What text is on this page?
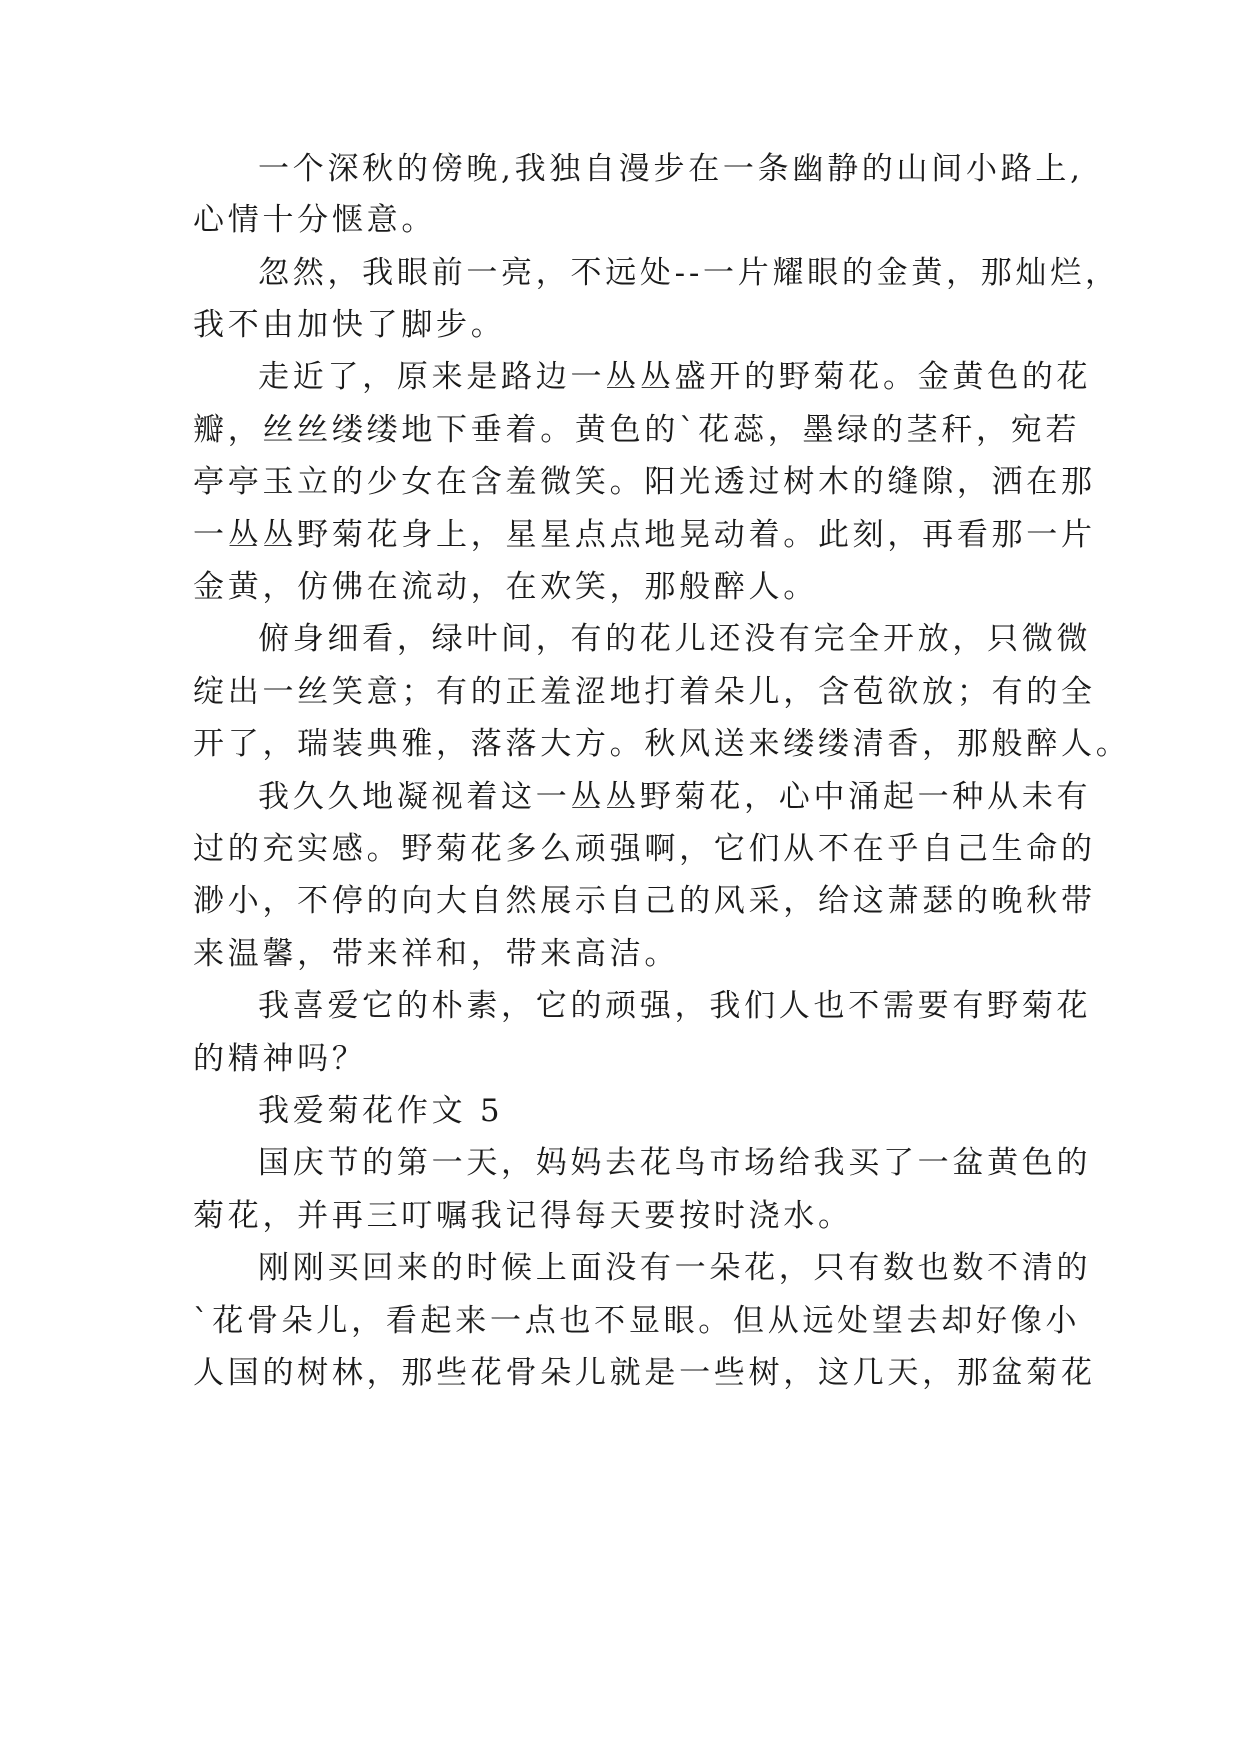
一个深秋的傍晚,我独自漫步在一条幽静的山间小路上,
心情十分惬意。
忽然，我眼前一亮，不远处--一片耀眼的金黄，那灿烂，
我不由加快了脚步。
走近了，原来是路边一丛丛盛开的野菊花。金黄色的花
瓣，丝丝缕缕地下垂着。黄色的`花蕊，墨绿的茎秆，宛若
亭亭玉立的少女在含羞微笑。阳光透过树木的缝隙，洒在那
一丛丛野菊花身上，星星点点地晃动着。此刻，再看那一片
金黄，仿佛在流动，在欢笑，那般醉人。
俯身细看，绿叶间，有的花儿还没有完全开放，只微微
绽出一丝笑意；有的正羞涩地打着朵儿，含苞欲放；有的全
开了，瑞装典雅，落落大方。秋风送来缕缕清香，那般醉人。
我久久地凝视着这一丛丛野菊花，心中涌起一种从未有
过的充实感。野菊花多么顽强啊，它们从不在乎自己生命的
渺小，不停的向大自然展示自己的风采，给这萧瑟的晚秋带
来温馨，带来祥和，带来高洁。
我喜爱它的朴素，它的顽强，我们人也不需要有野菊花
的精神吗？
我爱菊花作文 5
国庆节的第一天，妈妈去花鸟市场给我买了一盆黄色的
菊花，并再三叮嘱我记得每天要按时浇水。
刚刚买回来的时候上面没有一朵花，只有数也数不清的
`花骨朵儿，看起来一点也不显眼。但从远处望去却好像小
人国的树林，那些花骨朵儿就是一些树，这几天，那盆菊花
